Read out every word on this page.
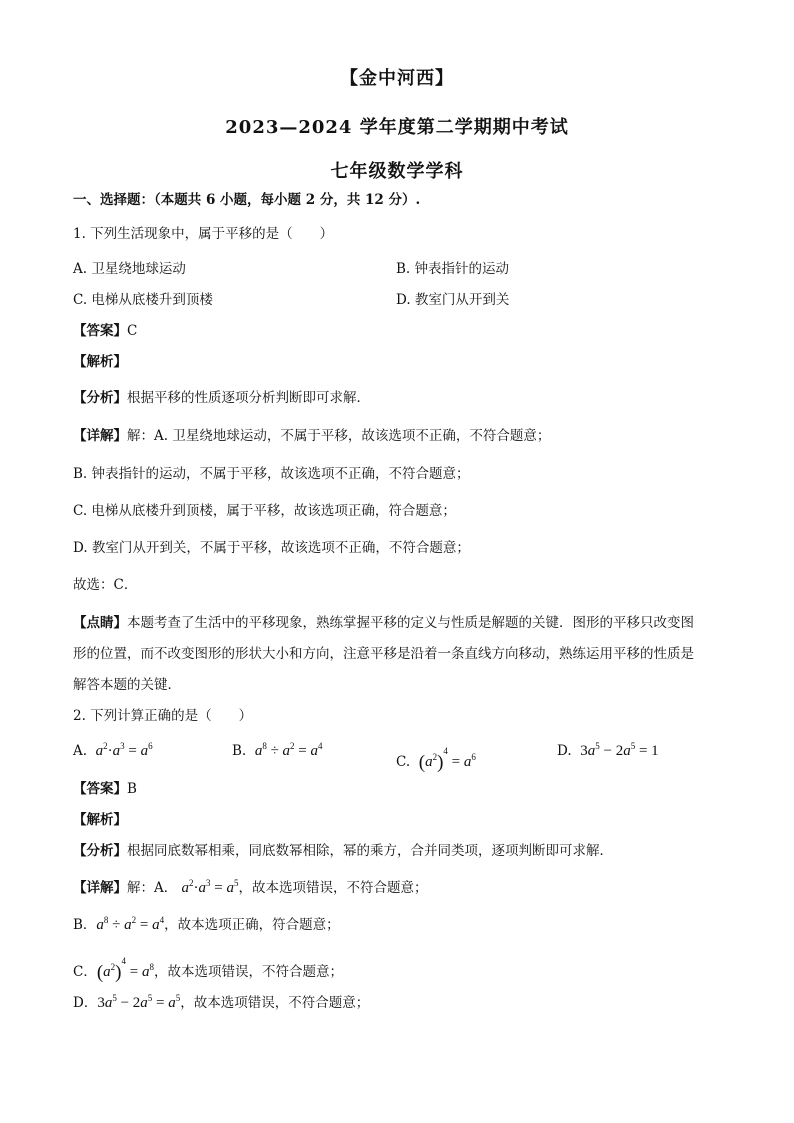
【金中河西】
2023—2024 学年度第二学期期中考试
七年级数学学科
一、选择题：（本题共 6 小题，每小题 2 分，共 12 分）.
1. 下列生活现象中，属于平移的是（　　）
A. 卫星绕地球运动	B. 钟表指针的运动
C. 电梯从底楼升到顶楼	D. 教室门从开到关
【答案】C
【解析】
【分析】根据平移的性质逐项分析判断即可求解．
【详解】解：A. 卫星绕地球运动，不属于平移，故该选项不正确，不符合题意；
B. 钟表指针的运动，不属于平移，故该选项不正确，不符合题意；
C. 电梯从底楼升到顶楼，属于平移，故该选项正确，符合题意；
D. 教室门从开到关，不属于平移，故该选项不正确，不符合题意；
故选：C．
【点睛】本题考查了生活中的平移现象，熟练掌握平移的定义与性质是解题的关键．图形的平移只改变图
形的位置，而不改变图形的形状大小和方向，注意平移是沿着一条直线方向移动，熟练运用平移的性质是
解答本题的关键．
2. 下列计算正确的是（　　）
A. $a^2\cdot a^3 = a^6$	B. $a^8 \div a^2 = a^4$
C. $(a^2)^4 = a^6$	D. $3a^5 - 2a^5 = 1$
【答案】B
【解析】
【分析】根据同底数幂相乘，同底数幂相除，幂的乘方，合并同类项，逐项判断即可求解．
【详解】解：A． $a^2\cdot a^3 = a^5$，故本选项错误，不符合题意；
B．$a^8 \div a^2 = a^4$，故本选项正确，符合题意；
C．$(a^2)^4 = a^8$，故本选项错误，不符合题意；
D．$3a^5 - 2a^5 = a^5$，故本选项错误，不符合题意；
